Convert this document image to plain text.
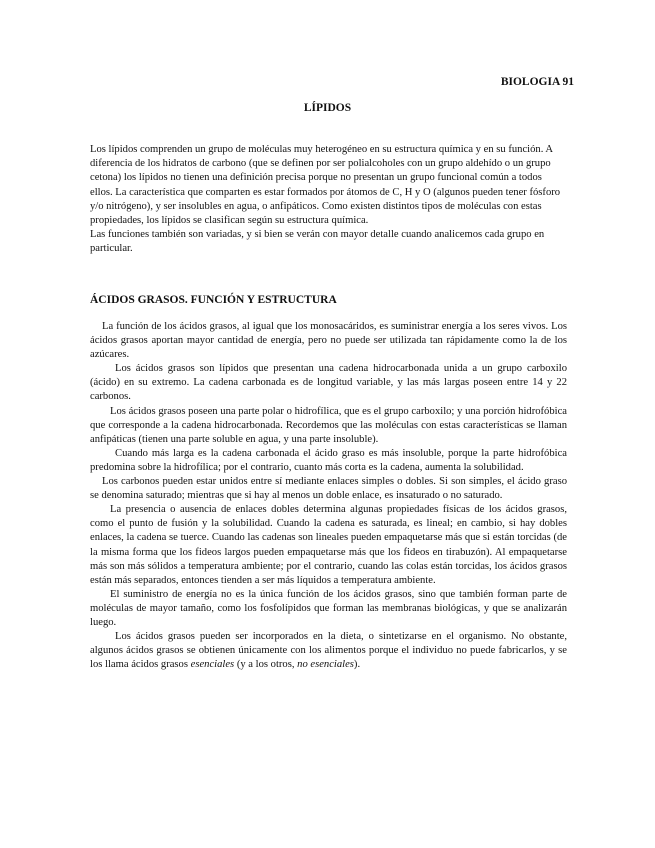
BIOLOGIA 91
LÍPIDOS

Los lípidos comprenden un grupo de moléculas muy heterogéneo en su estructura química y en su función. A diferencia de los hidratos de carbono (que se definen por ser polialcoholes con un grupo aldehído o un grupo cetona) los lípidos no tienen una definición precisa porque no presentan un grupo funcional común a todos ellos. La característica que comparten es estar formados por átomos de C, H y O (algunos pueden tener fósforo y/o nitrógeno), y ser insolubles en agua, o anfipáticos. Como existen distintos tipos de moléculas con estas propiedades, los lípidos se clasifican según su estructura química.

Las funciones también son variadas, y si bien se verán con mayor detalle cuando analicemos cada grupo en particular.

ÁCIDOS GRASOS. FUNCIÓN Y ESTRUCTURA

La función de los ácidos grasos, al igual que los monosacáridos, es suministrar energía a los seres vivos. Los ácidos grasos aportan mayor cantidad de energía, pero no puede ser utilizada tan rápidamente como la de los azúcares.

Los ácidos grasos son lípidos que presentan una cadena hidrocarbonada unida a un grupo carboxilo (ácido) en su extremo. La cadena carbonada es de longitud variable, y las más largas poseen entre 14 y 22 carbonos.

Los ácidos grasos poseen una parte polar o hidrofílica, que es el grupo carboxilo; y una porción hidrofóbica que corresponde a la cadena hidrocarbonada. Recordemos que las moléculas con estas características se llaman anfipáticas (tienen una parte soluble en agua, y una parte insoluble).

Cuando más larga es la cadena carbonada el ácido graso es más insoluble, porque la parte hidrofóbica predomina sobre la hidrofílica; por el contrario, cuanto más corta es la cadena, aumenta la solubilidad.

Los carbonos pueden estar unidos entre sí mediante enlaces simples o dobles. Si son simples, el ácido graso se denomina saturado; mientras que si hay al menos un doble enlace, es insaturado o no saturado.

La presencia o ausencia de enlaces dobles determina algunas propiedades físicas de los ácidos grasos, como el punto de fusión y la solubilidad. Cuando la cadena es saturada, es lineal; en cambio, si hay dobles enlaces, la cadena se tuerce. Cuando las cadenas son lineales pueden empaquetarse más que si están torcidas (de la misma forma que los fideos largos pueden empaquetarse más que los fideos en tirabuzón). Al empaquetarse más son más sólidos a temperatura ambiente; por el contrario, cuando las colas están torcidas, los ácidos grasos están más separados, entonces tienden a ser más líquidos a temperatura ambiente.

El suministro de energía no es la única función de los ácidos grasos, sino que también forman parte de moléculas de mayor tamaño, como los fosfolípidos que forman las membranas biológicas, y que se analizarán luego.

Los ácidos grasos pueden ser incorporados en la dieta, o sintetizarse en el organismo. No obstante, algunos ácidos grasos se obtienen únicamente con los alimentos porque el individuo no puede fabricarlos, y se los llama ácidos grasos esenciales (y a los otros, no esenciales).
